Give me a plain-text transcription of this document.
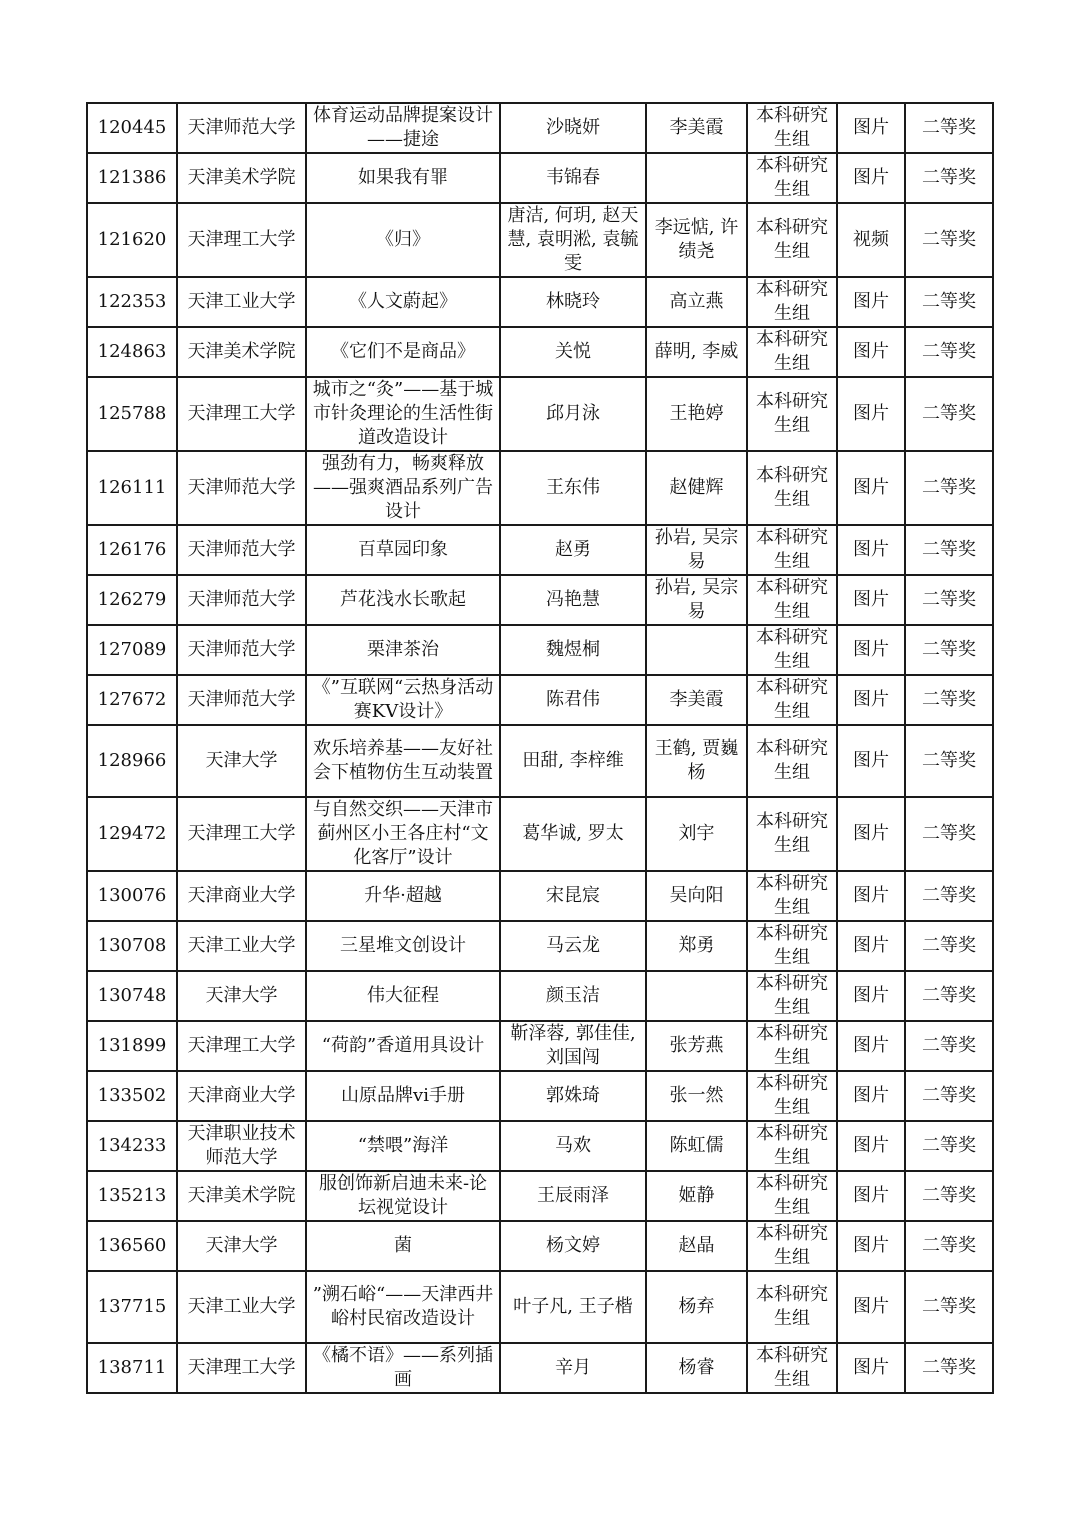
120445	天津师范大学	体育运动品牌提案设计——捷途	沙晓妍	李美霞	本科研究生组	图片	二等奖
121386	天津美术学院	如果我有罪	韦锦春		本科研究生组	图片	二等奖
121620	天津理工大学	《归》	唐洁, 何玥, 赵天慧, 袁明淞, 袁毓雯	李远惦, 许绩尧	本科研究生组	视频	二等奖
122353	天津工业大学	《人文蔚起》	林晓玲	高立燕	本科研究生组	图片	二等奖
124863	天津美术学院	《它们不是商品》	关悦	薛明, 李威	本科研究生组	图片	二等奖
125788	天津理工大学	城市之“灸”——基于城市针灸理论的生活性街道改造设计	邱月泳	王艳婷	本科研究生组	图片	二等奖
126111	天津师范大学	强劲有力，畅爽释放——强爽酒品系列广告设计	王东伟	赵健辉	本科研究生组	图片	二等奖
126176	天津师范大学	百草园印象	赵勇	孙岩, 吴宗易	本科研究生组	图片	二等奖
126279	天津师范大学	芦花浅水长歌起	冯艳慧	孙岩, 吴宗易	本科研究生组	图片	二等奖
127089	天津师范大学	栗津茶治	魏煜桐		本科研究生组	图片	二等奖
127672	天津师范大学	《”互联网“云热身活动赛KV设计》	陈君伟	李美霞	本科研究生组	图片	二等奖
128966	天津大学	欢乐培养基——友好社会下植物仿生互动装置	田甜, 李梓维	王鹤, 贾巍杨	本科研究生组	图片	二等奖
129472	天津理工大学	与自然交织——天津市蓟州区小王各庄村“文化客厅”设计	葛华诚, 罗太	刘宇	本科研究生组	图片	二等奖
130076	天津商业大学	升华·超越	宋昆宸	吴向阳	本科研究生组	图片	二等奖
130708	天津工业大学	三星堆文创设计	马云龙	郑勇	本科研究生组	图片	二等奖
130748	天津大学	伟大征程	颜玉洁		本科研究生组	图片	二等奖
131899	天津理工大学	“荷韵”香道用具设计	靳泽蓉, 郭佳佳, 刘国闯	张芳燕	本科研究生组	图片	二等奖
133502	天津商业大学	山原品牌vi手册	郭姝琦	张一然	本科研究生组	图片	二等奖
134233	天津职业技术师范大学	“禁喂”海洋	马欢	陈虹儒	本科研究生组	图片	二等奖
135213	天津美术学院	服创饰新启迪未来-论坛视觉设计	王辰雨泽	姬静	本科研究生组	图片	二等奖
136560	天津大学	菌	杨文婷	赵晶	本科研究生组	图片	二等奖
137715	天津工业大学	”溯石峪“——天津西井峪村民宿改造设计	叶子凡, 王子楷	杨弃	本科研究生组	图片	二等奖
138711	天津理工大学	《橘不语》——系列插画	辛月	杨睿	本科研究生组	图片	二等奖
